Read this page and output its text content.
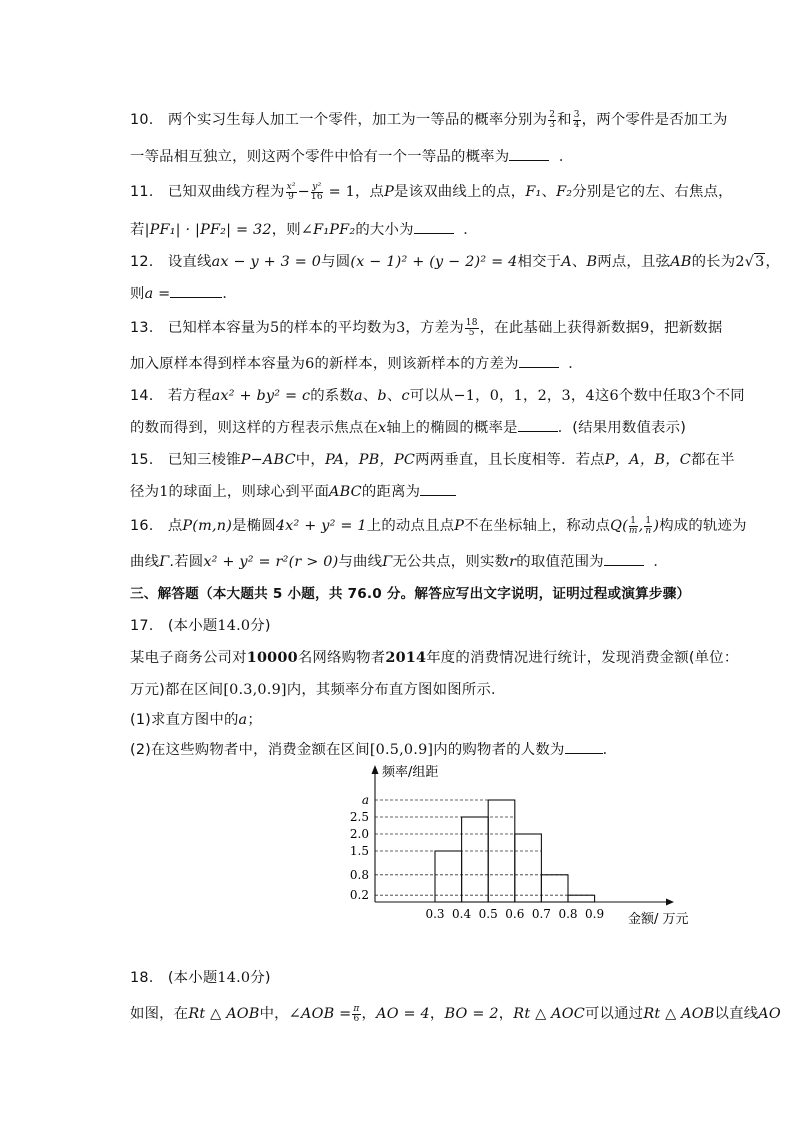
10. 两个实习生每人加工一个零件，加工为一等品的概率分别为 $\frac{2}{3}$ 和 $\frac{3}{4}$ ，两个零件是否加工为
一等品相互独立，则这两个零件中恰有一个一等品的概率为	．
11. 已知双曲线方程为 $\frac{\text{x²}}{9} - \frac{\text{y²}}{16} = 1$，点P是该双曲线上的点，F₁、F₂分别是它的左、右焦点，
若|PF₁| · |PF₂| = 32，则∠F₁PF₂的大小为	．
12. 设直线ax − y + 3 = 0与圆(x − 1)² + (y − 2)² = 4相交于A、B两点，且弦AB的长为2√3，
则a =	．
13. 已知样本容量为5的样本的平均数为3，方差为 $\frac{18}{5}$ ，在此基础上获得新数据9，把新数据
加入原样本得到样本容量为6的新样本，则该新样本的方差为	．
14. 若方程ax² + by² = c的系数a、b、c可以从−1，0，1，2，3，4这6个数中任取3个不同
的数而得到，则这样的方程表示焦点在x轴上的椭圆的概率是	．(结果用数值表示)
15. 已知三棱锥P−ABC中，PA，PB，PC两两垂直，且长度相等．若点P，A，B，C都在半
径为1的球面上，则球心到平面ABC的距离为
16. 点P(m,n)是椭圆4x² + y² = 1上的动点且点P不在坐标轴上，称动点$Q( \frac{1}{m}$ , $\frac{1}{n}$ )构成的轨迹为
曲线Γ.若圆x² + y² = r²(r > 0)与曲线Γ无公共点，则实数r的取值范围为	．
三、解答题（本大题共 5 小题，共 76.0 分。解答应写出文字说明，证明过程或演算步骤）
17. (本小题14.0分)
某电子商务公司对10000名网络购物者2014年度的消费情况进行统计，发现消费金额(单位：
万元)都在区间[0.3,0.9]内，其频率分布直方图如图所示．
(1)求直方图中的a；
(2)在这些购物者中，消费金额在区间[0.5,0.9]内的购物者的人数为	．
a
2.5
2.0
1.5
0.8
0.2
0.3 0.4 0.5 0.6 0.7 0.8 0.9
频率/组距
金额/ 万元
18. (本小题14.0分)
如图，在Rt △ AOB中，∠AOB = $\frac{\pi}{6}$ ，AO = 4，BO = 2，Rt △ AOC可以通过Rt △ AOB以直线AO
